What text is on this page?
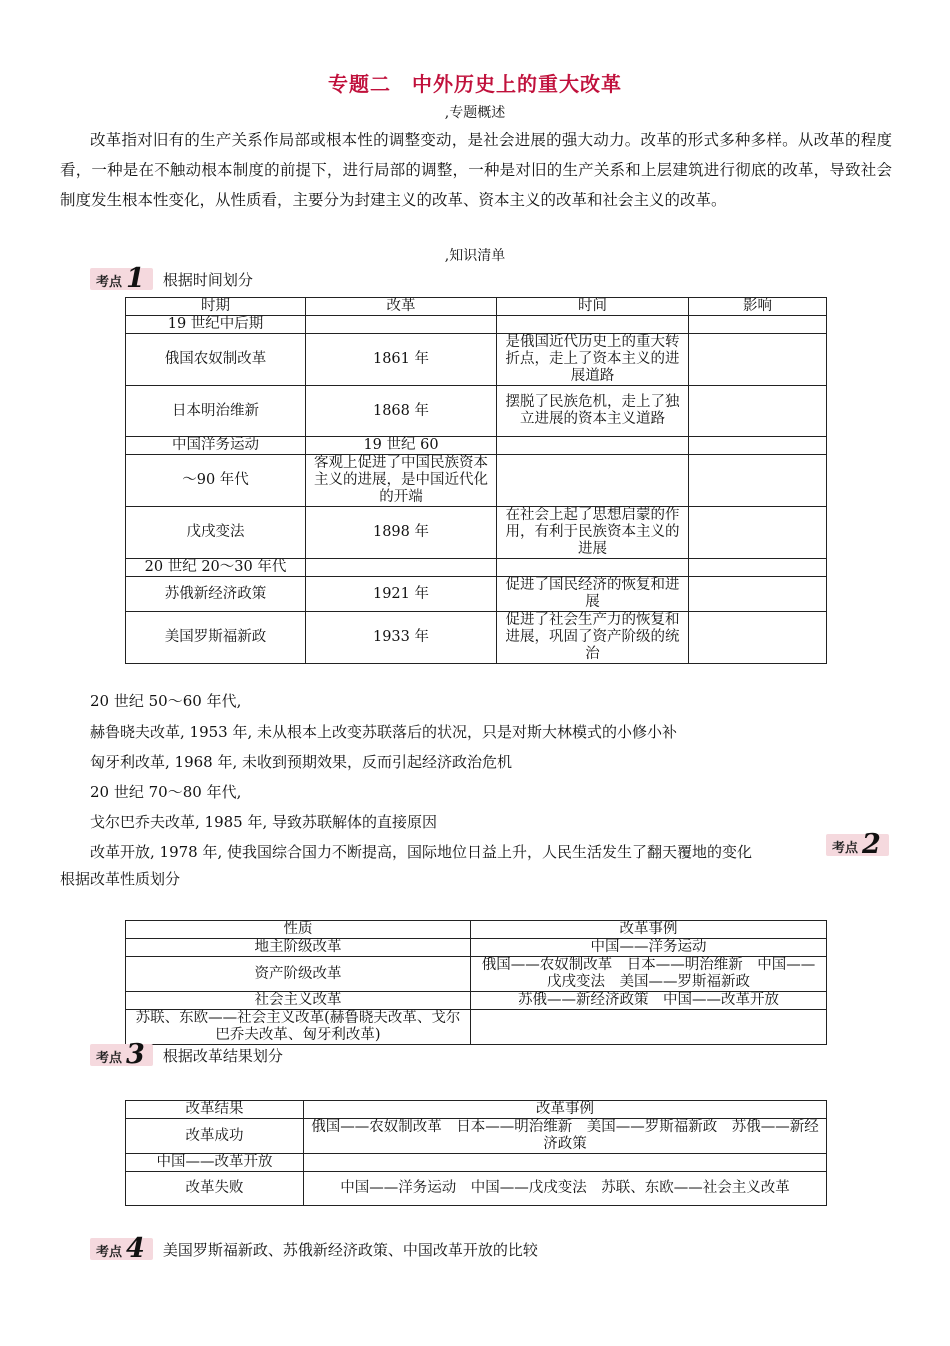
专题二　中外历史上的重大改革
,专题概述
改革指对旧有的生产关系作局部或根本性的调整变动，是社会进展的强大动力。改革的形式多种多样。从改革的程度看，一种是在不触动根本制度的前提下，进行局部的调整，一种是对旧的生产关系和上层建筑进行彻底的改革，导致社会制度发生根本性变化，从性质看，主要分为封建主义的改革、资本主义的改革和社会主义的改革。
,知识清单
考点 1 根据时间划分
时期	改革	时间	影响
19 世纪中后期			
俄国农奴制改革	1861 年	是俄国近代历史上的重大转折点，走上了资本主义的进展道路	
日本明治维新	1868 年	摆脱了民族危机，走上了独立进展的资本主义道路	
中国洋务运动	19 世纪 60		
～90 年代	客观上促进了中国民族资本主义的进展，是中国近代化的开端		
戊戌变法	1898 年	在社会上起了思想启蒙的作用，有利于民族资本主义的进展	
20 世纪 20～30 年代			
苏俄新经济政策	1921 年	促进了国民经济的恢复和进展	
美国罗斯福新政	1933 年	促进了社会生产力的恢复和进展，巩固了资产阶级的统治	
20 世纪 50～60 年代,
赫鲁晓夫改革, 1953 年, 未从根本上改变苏联落后的状况，只是对斯大林模式的小修小补
匈牙利改革, 1968 年, 未收到预期效果，反而引起经济政治危机
20 世纪 70～80 年代,
戈尔巴乔夫改革, 1985 年, 导致苏联解体的直接原因
改革开放, 1978 年, 使我国综合国力不断提高，国际地位日益上升，人民生活发生了翻天覆地的变化	考点 2
根据改革性质划分
性质	改革事例
地主阶级改革	中国——洋务运动
资产阶级改革	俄国——农奴制改革　日本——明治维新　中国——戊戌变法　美国——罗斯福新政
社会主义改革	苏俄——新经济政策　中国——改革开放
苏联、东欧——社会主义改革(赫鲁晓夫改革、戈尔巴乔夫改革、匈牙利改革)	
考点 3 根据改革结果划分
改革结果	改革事例
改革成功	俄国——农奴制改革　日本——明治维新　美国——罗斯福新政　苏俄——新经济政策
中国——改革开放	
改革失败	中国——洋务运动　中国——戊戌变法　苏联、东欧——社会主义改革
考点 4 美国罗斯福新政、苏俄新经济政策、中国改革开放的比较
